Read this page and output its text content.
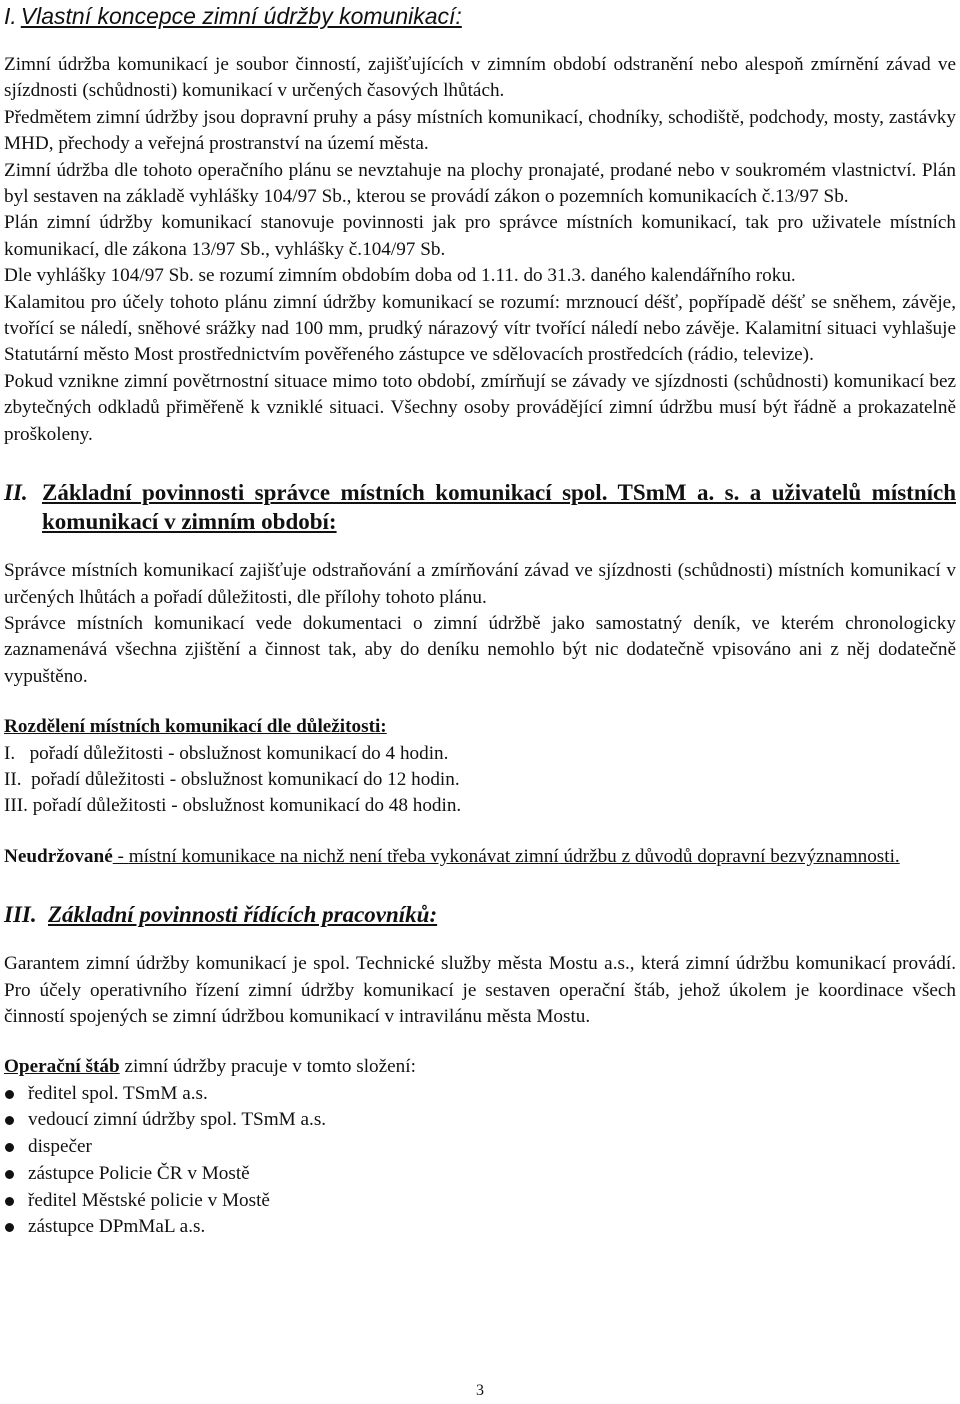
I. Vlastní koncepce zimní údržby komunikací:

Zimní údržba komunikací je soubor činností, zajišťujících v zimním období odstranění nebo alespoň zmírnění závad ve sjízdnosti (schůdnosti) komunikací v určených časových lhůtách.

Předmětem zimní údržby jsou dopravní pruhy a pásy místních komunikací, chodníky, schodiště, podchody, mosty, zastávky MHD, přechody a veřejná prostranství na území města.

Zimní údržba dle tohoto operačního plánu se nevztahuje na plochy pronajaté, prodané nebo v soukromém vlastnictví. Plán byl sestaven na základě vyhlášky 104/97 Sb., kterou se provádí zákon o pozemních komunikacích č.13/97 Sb.

Plán zimní údržby komunikací stanovuje povinnosti jak pro správce místních komunikací, tak pro uživatele místních komunikací, dle zákona 13/97 Sb., vyhlášky č.104/97 Sb.

Dle vyhlášky 104/97 Sb. se rozumí zimním obdobím doba od 1.11. do 31.3. daného kalendářního roku.

Kalamitou pro účely tohoto plánu zimní údržby komunikací se rozumí: mrznoucí déšť, popřípadě déšť se sněhem, závěje, tvořící se náledí, sněhové srážky nad 100 mm, prudký nárazový vítr tvořící náledí nebo závěje. Kalamitní situaci vyhlašuje Statutární město Most prostřednictvím pověřeného zástupce ve sdělovacích prostředcích (rádio, televize).

Pokud vznikne zimní povětrnostní situace mimo toto období, zmírňují se závady ve sjízdnosti (schůdnosti) komunikací bez zbytečných odkladů přiměřeně k vzniklé situaci. Všechny osoby provádějící zimní údržbu musí být řádně a prokazatelně proškoleny.

II. Základní povinnosti správce místních komunikací spol. TSmM a. s. a uživatelů místních komunikací v zimním období:

Správce místních komunikací zajišťuje odstraňování a zmírňování závad ve sjízdnosti (schůdnosti) místních komunikací v určených lhůtách a pořadí důležitosti, dle přílohy tohoto plánu.

Správce místních komunikací vede dokumentaci o zimní údržbě jako samostatný deník, ve kterém chronologicky zaznamenává všechna zjištění a činnost tak, aby do deníku nemohlo být nic dodatečně vpisováno ani z něj dodatečně vypuštěno.

Rozdělení místních komunikací dle důležitosti:

I.   pořadí důležitosti - obslužnost komunikací do 4 hodin.

II.  pořadí důležitosti - obslužnost komunikací do 12 hodin.

III. pořadí důležitosti - obslužnost komunikací do 48 hodin.

Neudržované - místní komunikace na nichž není třeba vykonávat zimní údržbu z důvodů dopravní bezvýznamnosti.

III. Základní povinnosti řídících pracovníků:

Garantem zimní údržby komunikací je spol. Technické služby města Mostu a.s., která zimní údržbu komunikací provádí. Pro účely operativního řízení zimní údržby komunikací je sestaven operační štáb, jehož úkolem je koordinace všech činností spojených se zimní údržbou komunikací v intravilánu města Mostu.

Operační štáb zimní údržby pracuje v tomto složení:

ředitel spol. TSmM a.s.
vedoucí zimní údržby spol. TSmM a.s.
dispečer
zástupce Policie ČR v Mostě
ředitel Městské policie v Mostě
zástupce DPmMaL a.s.
3
